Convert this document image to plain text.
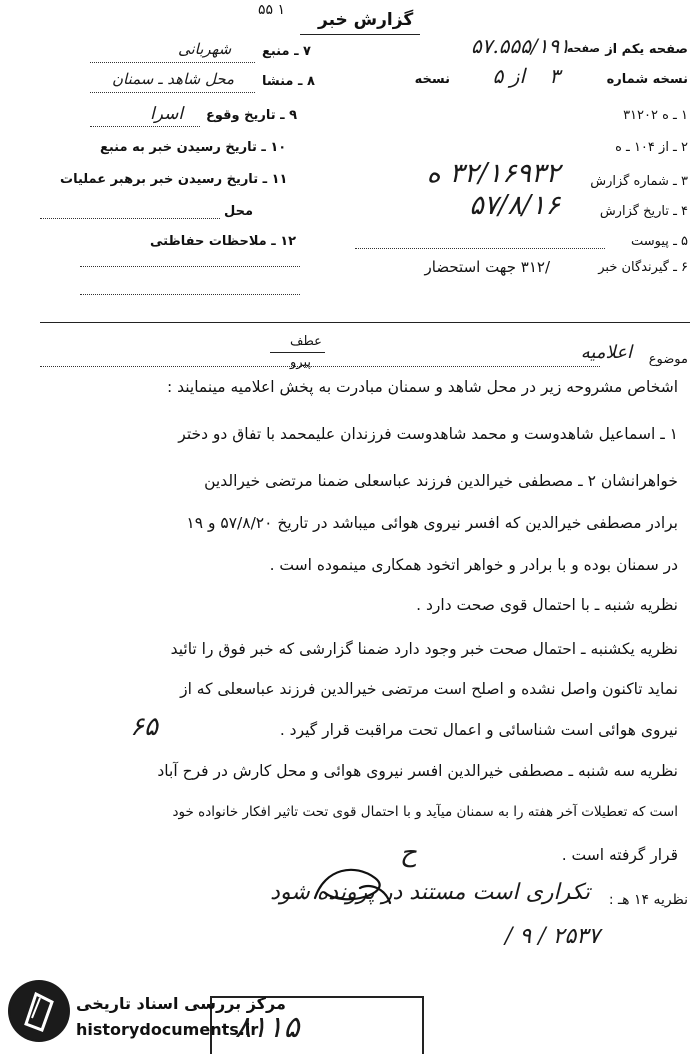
۱ ۵۵ گزارش خبر
صفحه یکم از
۵۷.۵۵۵/۱۹۱
صفحه
نسخه شماره
۳
از ۵
نسخه
۱ ـ ه ۳۱۲۰۲
۲ ـ از ۱۰۴ ـ ه
۳ ـ شماره گزارش
۳۲/۱۶۹۳۲ ه
۴ ـ تاریخ گزارش
۵۷/۸/۱۶
۵ ـ پیوست
۶ ـ گیرندگان خبر
/۳۱۲ جهت استحضار
۷ ـ منبع
شهربانی
۸ ـ منشا
محل شاهد ـ سمنان
۹ ـ تاریخ وقوع
اسرا
۱۰ ـ تاریخ رسیدن خبر به منبع
۱۱ ـ تاریخ رسیدن خبر برهبر عملیات
محل
۱۲ ـ ملاحظات حفاظتی
عطف
پیرو	موضوع
اعلامیه
اشخاص مشروحه زیر در محل شاهد و سمنان مبادرت به پخش اعلامیه مینمایند :
۱ ـ اسماعیل شاهدوست و محمد شاهدوست فرزندان علیمحمد با تفاق دو دختر
خواهرانشان ۲ ـ مصطفی خیرالدین فرزند عباسعلی ضمنا مرتضی خیرالدین
برادر مصطفی خیرالدین که افسر نیروی هوائی میباشد در تاریخ ۵۷/۸/۲۰ و ۱۹
در سمنان بوده و با برادر و خواهر اتخود همکاری مینموده است .
نظریه شنبه ـ با احتمال قوی صحت دارد .
نظریه یکشنبه ـ احتمال صحت خبر وجود دارد ضمنا گزارشی که خبر فوق را تائید
نماید تاکنون واصل نشده و اصلح است مرتضی خیرالدین فرزند عباسعلی که از
نیروی هوائی است شناسائی و اعمال تحت مراقبت قرار گیرد .
نظریه سه شنبه ـ مصطفی خیرالدین افسر نیروی هوائی و محل کارش در فرح آباد
است که تعطیلات آخر هفته را به سمنان میآید و با احتمال قوی تحت تاثیر افکار خانواده خود
قرار گرفته است .
۶۵
ح
نظریه ۱۴ هـ :
تکراری است مستند در پرونده شود
۲۵۳۷ / ۹ /
۸۱۱۵
مرکز بررسی اسناد تاریخی
historydocuments.ir
